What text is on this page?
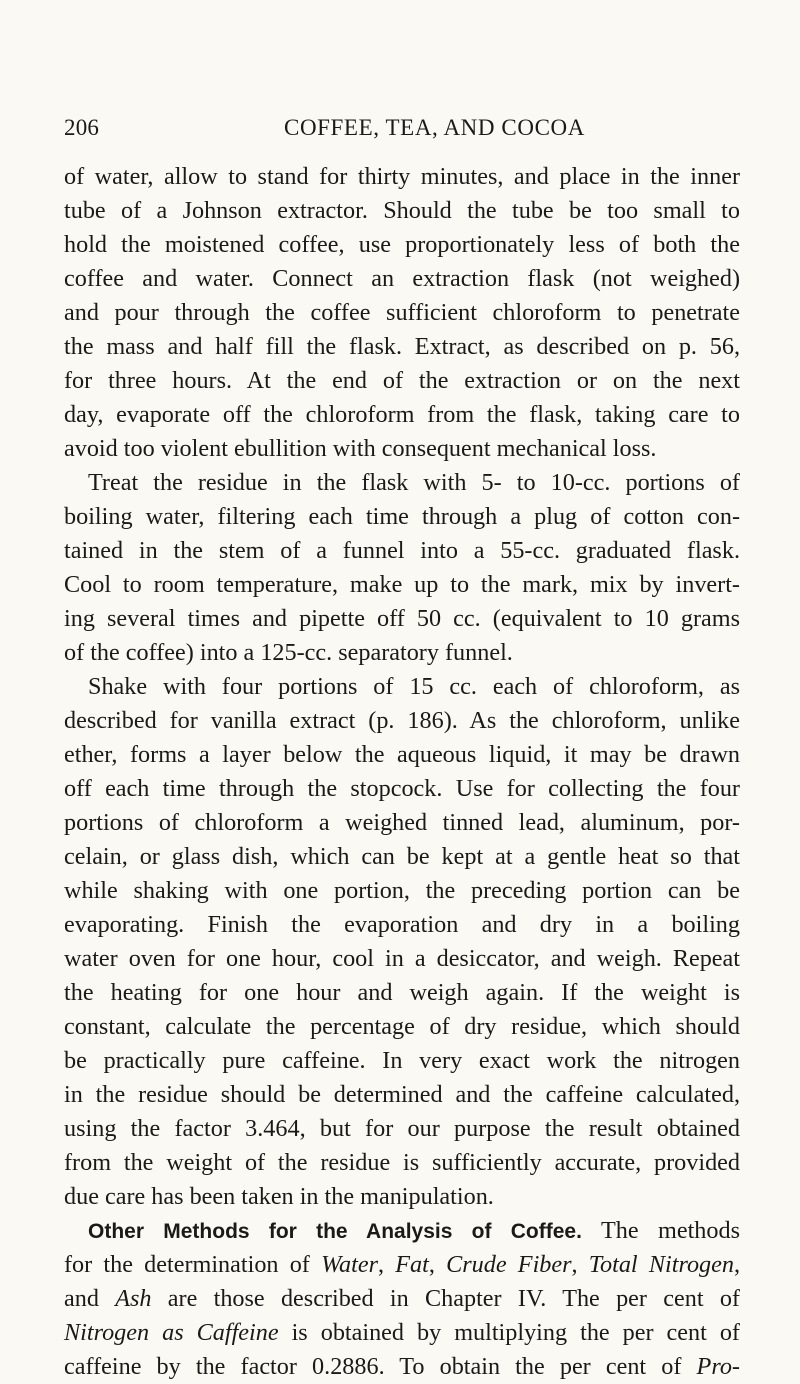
206	COFFEE, TEA, AND COCOA
of water, allow to stand for thirty minutes, and place in the inner
tube of a Johnson extractor. Should the tube be too small to
hold the moistened coffee, use proportionately less of both the
coffee and water. Connect an extraction flask (not weighed)
and pour through the coffee sufficient chloroform to penetrate
the mass and half fill the flask. Extract, as described on p. 56,
for three hours. At the end of the extraction or on the next
day, evaporate off the chloroform from the flask, taking care to
avoid too violent ebullition with consequent mechanical loss.
Treat the residue in the flask with 5- to 10-cc. portions of
boiling water, filtering each time through a plug of cotton con-
tained in the stem of a funnel into a 55-cc. graduated flask.
Cool to room temperature, make up to the mark, mix by invert-
ing several times and pipette off 50 cc. (equivalent to 10 grams
of the coffee) into a 125-cc. separatory funnel.
Shake with four portions of 15 cc. each of chloroform, as
described for vanilla extract (p. 186). As the chloroform, unlike
ether, forms a layer below the aqueous liquid, it may be drawn
off each time through the stopcock. Use for collecting the four
portions of chloroform a weighed tinned lead, aluminum, por-
celain, or glass dish, which can be kept at a gentle heat so that
while shaking with one portion, the preceding portion can be
evaporating. Finish the evaporation and dry in a boiling
water oven for one hour, cool in a desiccator, and weigh. Repeat
the heating for one hour and weigh again. If the weight is
constant, calculate the percentage of dry residue, which should
be practically pure caffeine. In very exact work the nitrogen
in the residue should be determined and the caffeine calculated,
using the factor 3.464, but for our purpose the result obtained
from the weight of the residue is sufficiently accurate, provided
due care has been taken in the manipulation.
Other Methods for the Analysis of Coffee. The methods
for the determination of Water, Fat, Crude Fiber, Total Nitrogen,
and Ash are those described in Chapter IV. The per cent of
Nitrogen as Caffeine is obtained by multiplying the per cent of
caffeine by the factor 0.2886. To obtain the per cent of Pro-
